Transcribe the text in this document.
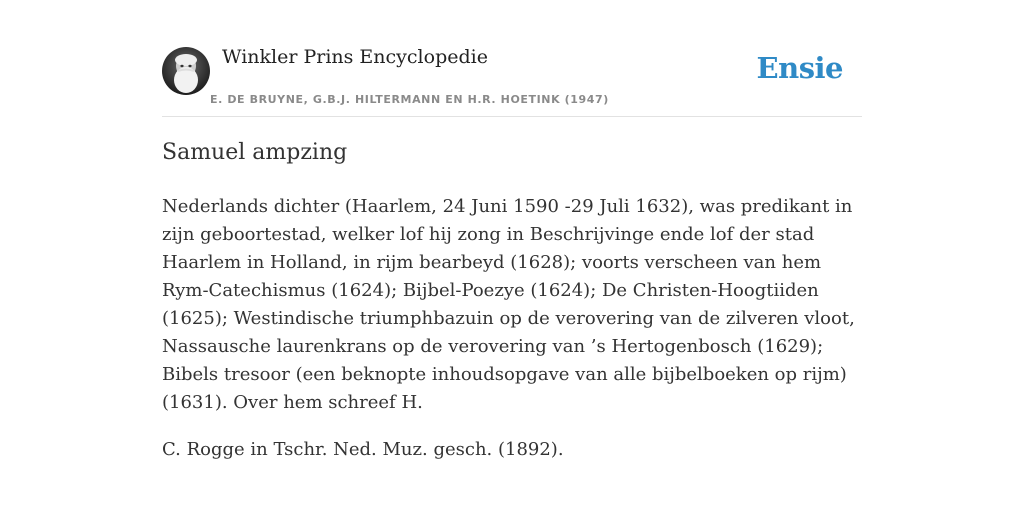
Winkler Prins Encyclopedie
E. DE BRUYNE, G.B.J. HILTERMANN EN H.R. HOETINK (1947)
Ensie
Samuel ampzing

Nederlands dichter (Haarlem, 24 Juni 1590 -29 Juli 1632), was predikant in zijn geboortestad, welker lof hij zong in Beschrijvinge ende lof der stad Haarlem in Holland, in rijm bearbeyd (1628); voorts verscheen van hem Rym-Catechismus (1624); Bijbel-Poezye (1624); De Christen-Hoogtiiden (1625); Westindische triumphbazuin op de verovering van de zilveren vloot, Nassausche laurenkrans op de verovering van ’s Hertogenbosch (1629); Bibels tresoor (een beknopte inhoudsopgave van alle bijbelboeken op rijm) (1631). Over hem schreef H.

C. Rogge in Tschr. Ned. Muz. gesch. (1892).
